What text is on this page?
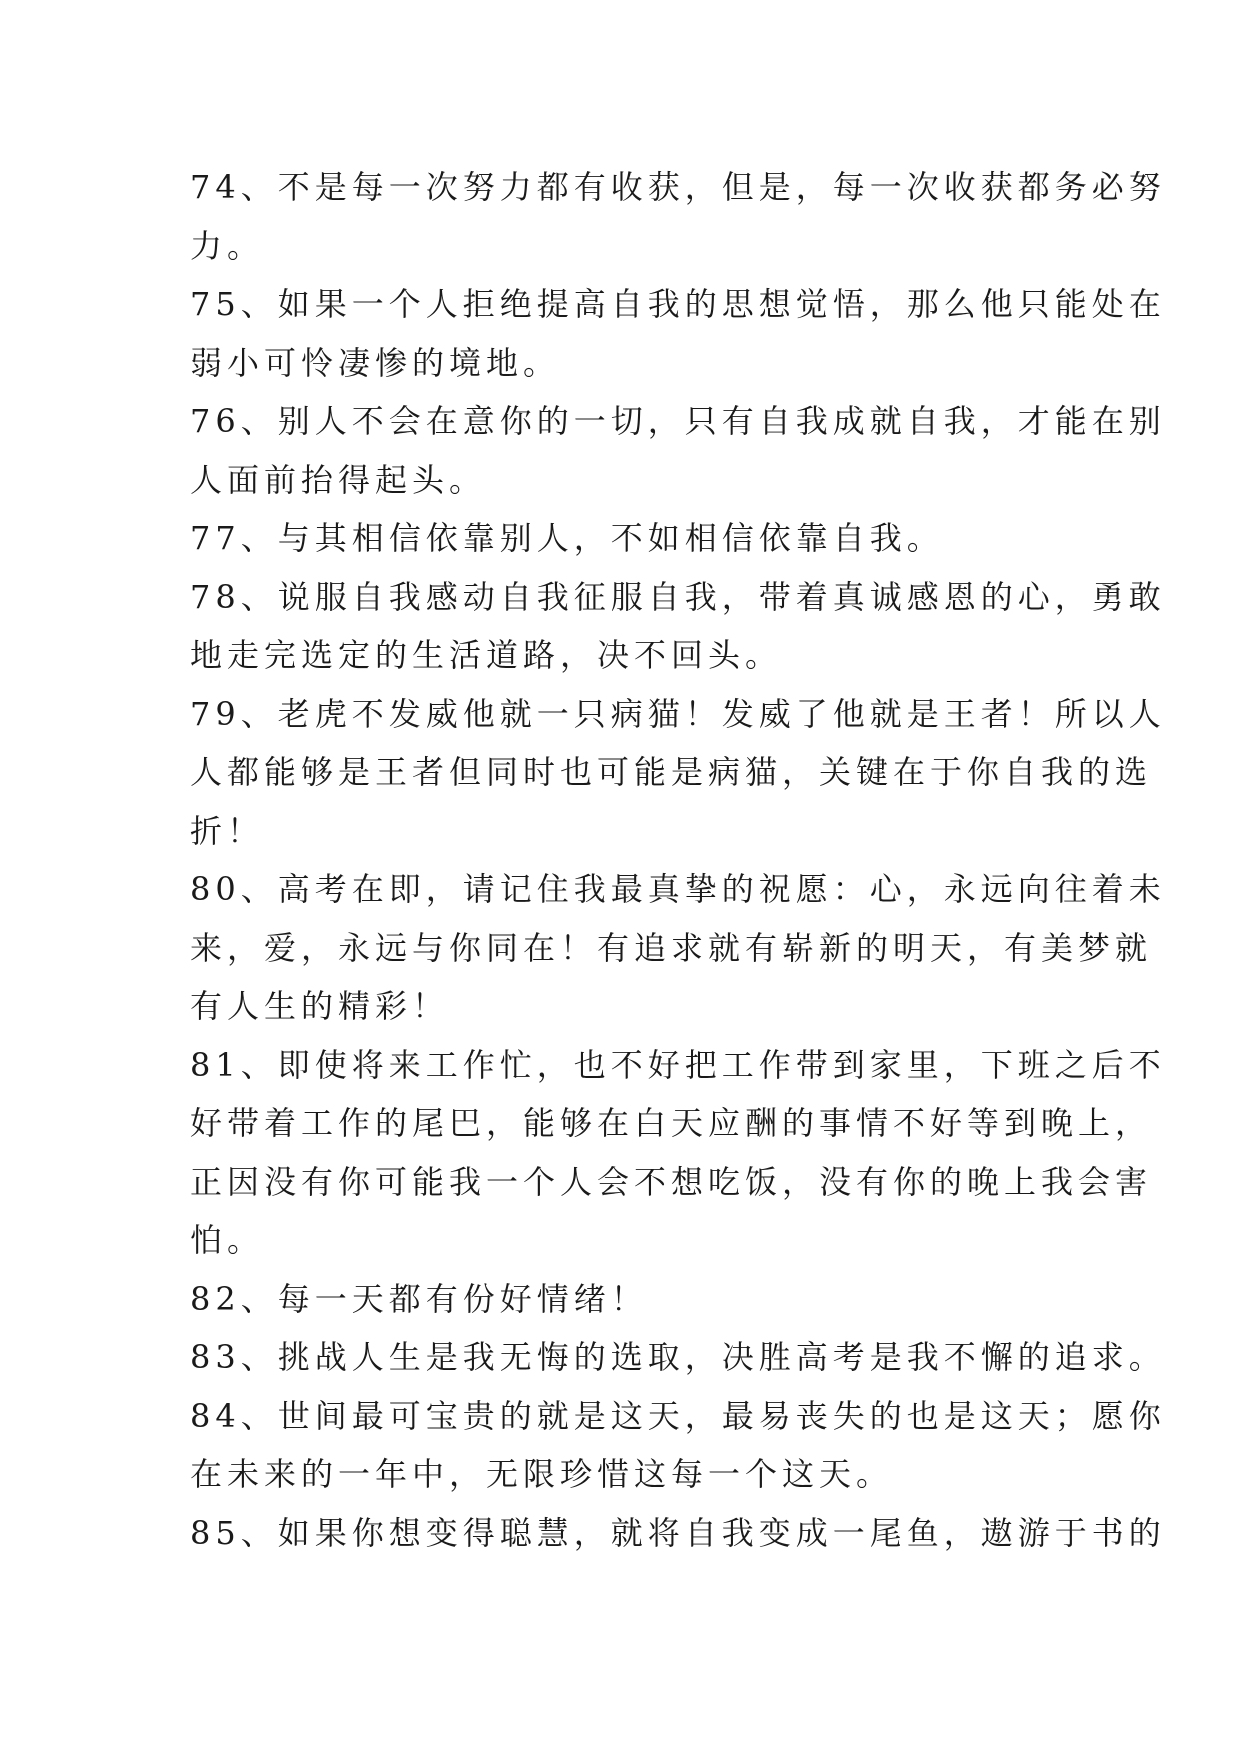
74、不是每一次努力都有收获，但是，每一次收获都务必努
力。

75、如果一个人拒绝提高自我的思想觉悟，那么他只能处在
弱小可怜凄惨的境地。

76、别人不会在意你的一切，只有自我成就自我，才能在别
人面前抬得起头。

77、与其相信依靠别人，不如相信依靠自我。

78、说服自我感动自我征服自我，带着真诚感恩的心，勇敢
地走完选定的生活道路，决不回头。

79、老虎不发威他就一只病猫！发威了他就是王者！所以人
人都能够是王者但同时也可能是病猫，关键在于你自我的选
折！

80、高考在即，请记住我最真挚的祝愿：心，永远向往着未
来，爱，永远与你同在！有追求就有崭新的明天，有美梦就
有人生的精彩！

81、即使将来工作忙，也不好把工作带到家里，下班之后不
好带着工作的尾巴，能够在白天应酬的事情不好等到晚上，
正因没有你可能我一个人会不想吃饭，没有你的晚上我会害
怕。

82、每一天都有份好情绪！

83、挑战人生是我无悔的选取，决胜高考是我不懈的追求。

84、世间最可宝贵的就是这天，最易丧失的也是这天；愿你
在未来的一年中，无限珍惜这每一个这天。

85、如果你想变得聪慧，就将自我变成一尾鱼，遨游于书的
